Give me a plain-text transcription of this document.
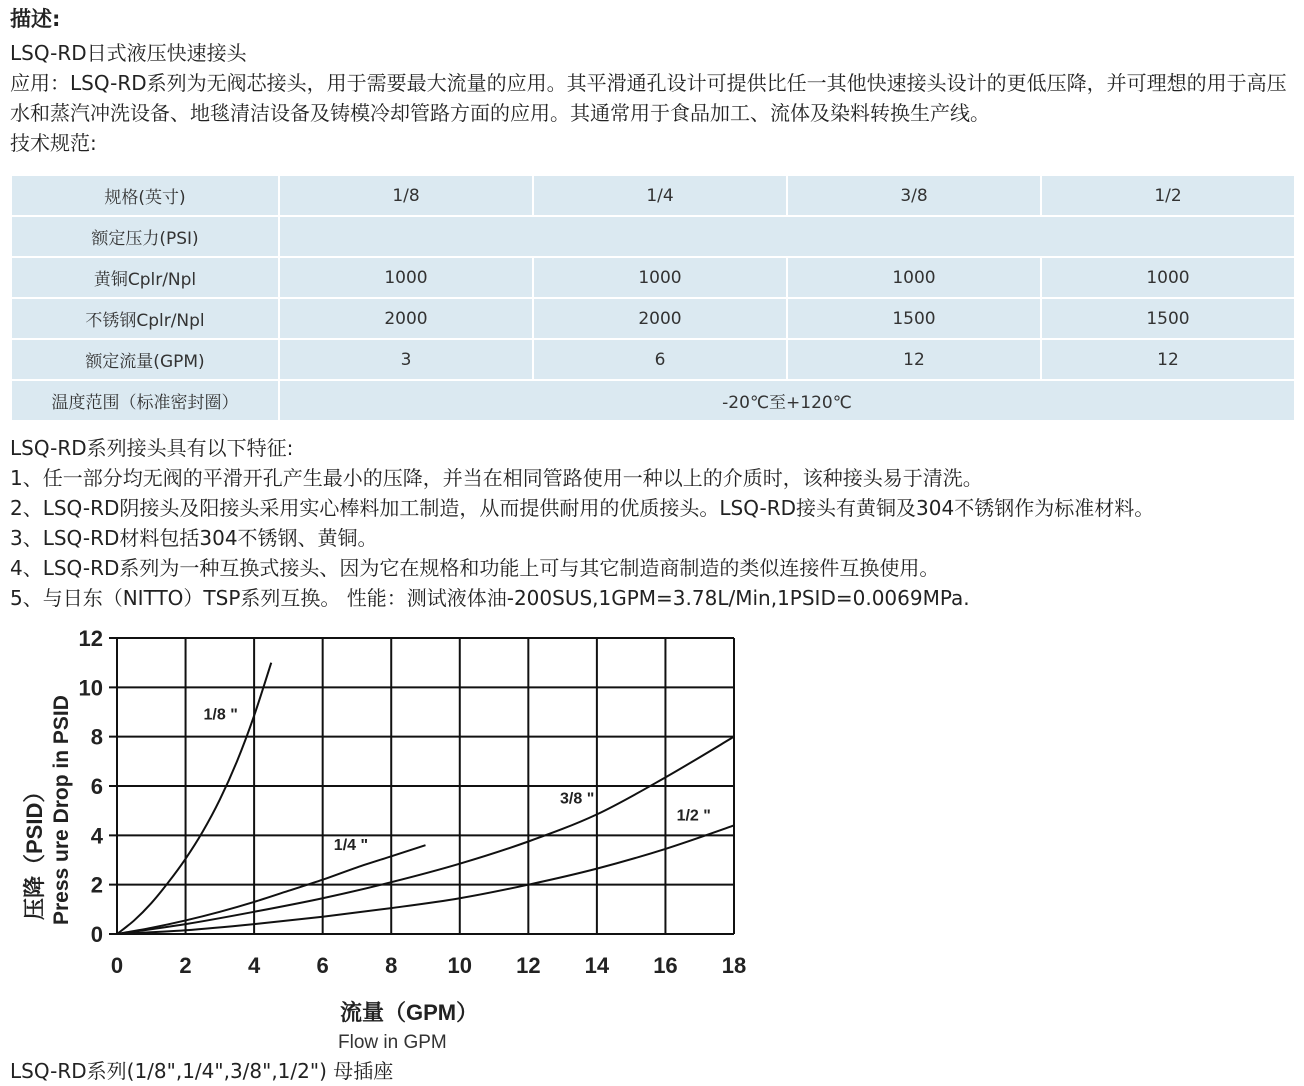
描述:
LSQ-RD日式液压快速接头
应用：LSQ-RD系列为无阀芯接头，用于需要最大流量的应用。其平滑通孔设计可提供比任一其他快速接头设计的更低压降，并可理想的用于高压水和蒸汽冲洗设备、地毯清洁设备及铸模冷却管路方面的应用。其通常用于食品加工、流体及染料转换生产线。
技术规范:
规格(英寸)	1/8	1/4	3/8	1/2
额定压力(PSI)				
黄铜Cplr/Npl	1000	1000	1000	1000
不锈钢Cplr/Npl	2000	2000	1500	1500
额定流量(GPM)	3	6	12	12
温度范围（标准密封圈）	-20℃至+120℃			
LSQ-RD系列接头具有以下特征:
1、任一部分均无阀的平滑开孔产生最小的压降，并当在相同管路使用一种以上的介质时，该种接头易于清洗。
2、LSQ-RD阴接头及阳接头采用实心棒料加工制造，从而提供耐用的优质接头。LSQ-RD接头有黄铜及304不锈钢作为标准材料。
3、LSQ-RD材料包括304不锈钢、黄铜。
4、LSQ-RD系列为一种互换式接头、因为它在规格和功能上可与其它制造商制造的类似连接件互换使用。
5、与日东（NITTO）TSP系列互换。 性能：测试液体油-200SUS,1GPM=3.78L/Min,1PSID=0.0069MPa.
0	2	4	6	8 10 12 14 16 18
0
2
4
6
8
10
12
1/8 "
1/4 "
3/8 "
1/2 "
流量（GPM）
Flow in GPM
压降（PSID） Press ure Drop in PSID
LSQ-RD系列(1/8",1/4",3/8",1/2") 母插座
